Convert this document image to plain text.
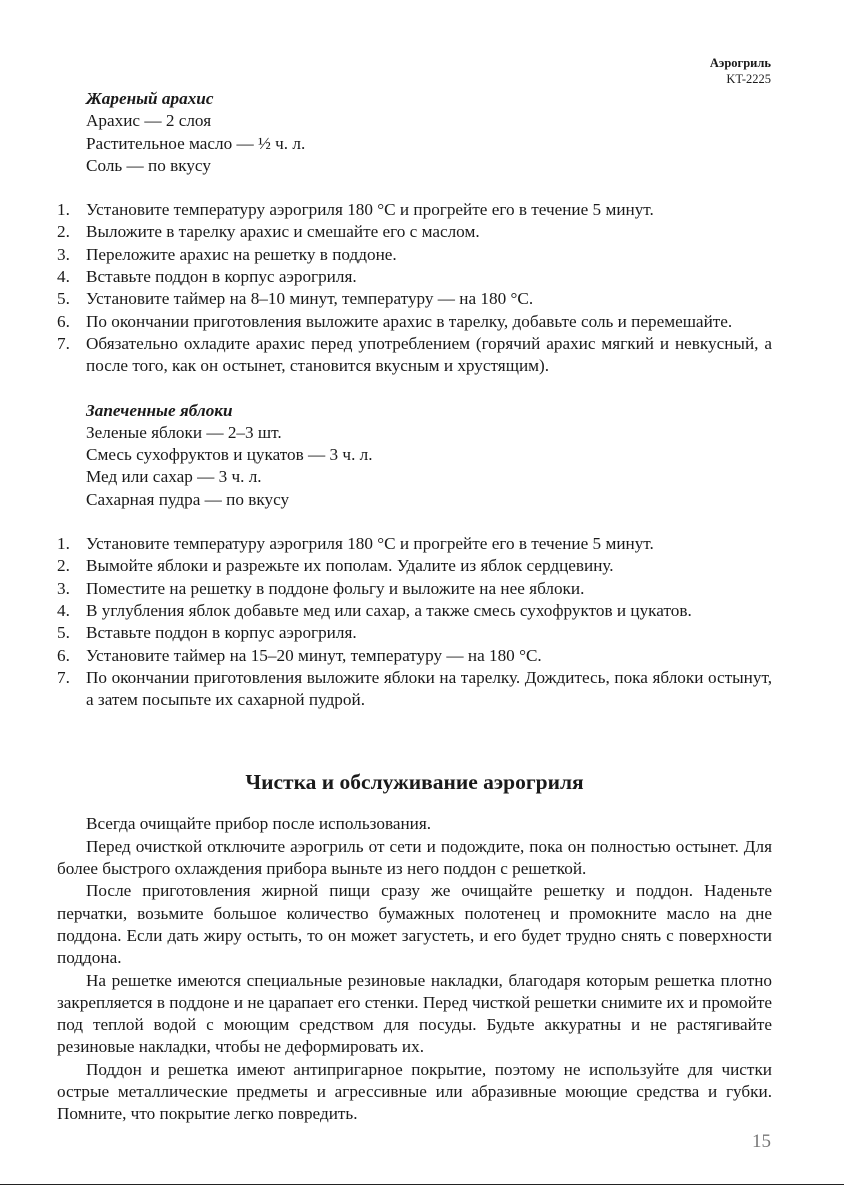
Аэрогриль
KT-2225
Жареный арахис
Арахис — 2 слоя
Растительное масло — ½ ч. л.
Соль — по вкусу
1. Установите температуру аэрогриля 180 °С и прогрейте его в течение 5 минут.
2. Выложите в тарелку арахис и смешайте его с маслом.
3. Переложите арахис на решетку в поддоне.
4. Вставьте поддон в корпус аэрогриля.
5. Установите таймер на 8–10 минут, температуру — на 180 °С.
6. По окончании приготовления выложите арахис в тарелку, добавьте соль и перемешайте.
7. Обязательно охладите арахис перед употреблением (горячий арахис мягкий и невкусный, а после того, как он остынет, становится вкусным и хрустящим).
Запеченные яблоки
Зеленые яблоки — 2–3 шт.
Смесь сухофруктов и цукатов — 3 ч. л.
Мед или сахар — 3 ч. л.
Сахарная пудра — по вкусу
1. Установите температуру аэрогриля 180 °С и прогрейте его в течение 5 минут.
2. Вымойте яблоки и разрежьте их пополам. Удалите из яблок сердцевину.
3. Поместите на решетку в поддоне фольгу и выложите на нее яблоки.
4. В углубления яблок добавьте мед или сахар, а также смесь сухофруктов и цукатов.
5. Вставьте поддон в корпус аэрогриля.
6. Установите таймер на 15–20 минут, температуру — на 180 °С.
7. По окончании приготовления выложите яблоки на тарелку. Дождитесь, пока яблоки остынут, а затем посыпьте их сахарной пудрой.
Чистка и обслуживание аэрогриля

Всегда очищайте прибор после использования.

Перед очисткой отключите аэрогриль от сети и подождите, пока он полностью остынет. Для более быстрого охлаждения прибора выньте из него поддон с решеткой.

После приготовления жирной пищи сразу же очищайте решетку и поддон. Наденьте перчатки, возьмите большое количество бумажных полотенец и промокните масло на дне поддона. Если дать жиру остыть, то он может загустеть, и его будет трудно снять с поверхности поддона.

На решетке имеются специальные резиновые накладки, благодаря которым решетка плотно закрепляется в поддоне и не царапает его стенки. Перед чисткой решетки снимите их и промойте под теплой водой с моющим средством для посуды. Будьте аккуратны и не растягивайте резиновые накладки, чтобы не деформировать их.

Поддон и решетка имеют антипригарное покрытие, поэтому не используйте для чистки острые металлические предметы и агрессивные или абразивные моющие средства и губки. Помните, что покрытие легко повредить.

15
